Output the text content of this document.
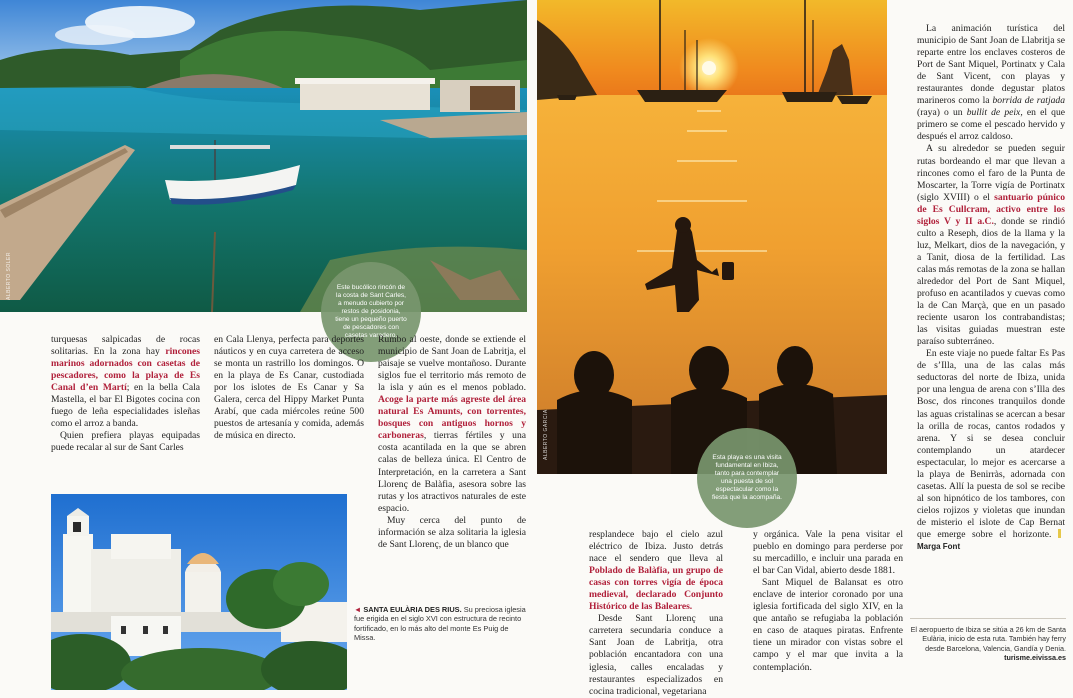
ALBERTO SOLER	Este bucólico rincón de la costa de Sant Carles, a menudo cubierto por restos de posidonia, tiene un pequeño puerto de pescadores con casetas varadero.

turquesas salpicadas de rocas solitarias. En la zona hay rincones marinos adornados con casetas de pescadores, como la playa de Es Canal d’en Martí; en la bella Cala Mastella, el bar El Bigotes cocina con fuego de leña especialidades isleñas como el arroz a banda.

Quien prefiera playas equipadas puede recalar al sur de Sant Carles

en Cala Llenya, perfecta para deportes náuticos y en cuya carretera de acceso se monta un rastrillo los domingos. O en la playa de Es Canar, custodiada por los islotes de Es Canar y Sa Galera, cerca del Hippy Market Punta Arabí, que cada miércoles reúne 500 puestos de artesanía y comida, además de música en directo.

Rumbo al oeste, donde se extiende el municipio de Sant Joan de Labritja, el paisaje se vuelve montañoso. Durante siglos fue el territorio más remoto de la isla y aún es el menos poblado. Acoge la parte más agreste del área natural Es Amunts, con torrentes, bosques con antiguos hornos y carboneras, tierras fértiles y una costa acantilada en la que se abren calas de belleza única. El Centro de Interpretación, en la carretera a Sant Llorenç de Balàfia, asesora sobre las rutas y los atractivos naturales de este espacio.

Muy cerca del punto de información se alza solitaria la iglesia de Sant Llorenç, de un blanco que

◄ SANTA EULÀRIA DES RIUS. Su preciosa iglesia fue erigida en el siglo XVI con estructura de recinto fortificado, en lo más alto del monte Es Puig de Missa.
ALBERTO GARCIA	Esta playa es una visita fundamental en Ibiza, tanto para contemplar una puesta de sol espectacular como la fiesta que la acompaña.

resplandece bajo el cielo azul eléctrico de Ibiza. Justo detrás nace el sendero que lleva al Poblado de Balàfia, un grupo de casas con torres vigía de época medieval, declarado Conjunto Histórico de las Baleares.

Desde Sant Llorenç una carretera secundaria conduce a Sant Joan de Labritja, otra población encantadora con una iglesia, calles encaladas y restaurantes especializados en cocina tradicional, vegetariana

y orgánica. Vale la pena visitar el pueblo en domingo para perderse por su mercadillo, e incluir una parada en el bar Can Vidal, abierto desde 1881.

Sant Miquel de Balansat es otro enclave de interior coronado por una iglesia fortificada del siglo XIV, en la que antaño se refugiaba la población en caso de ataques piratas. Enfrente tiene un mirador con vistas sobre el campo y el mar que invita a la contemplación.

La animación turística del municipio de Sant Joan de Llabritja se reparte entre los enclaves costeros de Port de Sant Miquel, Portinatx y Cala de Sant Vicent, con playas y restaurantes donde degustar platos marineros como la borrida de ratjada (raya) o un bullit de peix, en el que primero se come el pescado hervido y después el arroz caldoso.

A su alrededor se pueden seguir rutas bordeando el mar que llevan a rincones como el faro de la Punta de Moscarter, la Torre vigía de Portinatx (siglo XVIII) o el santuario púnico de Es Cullcram, activo entre los siglos V y II a.C., donde se rindió culto a Reseph, dios de la llama y la luz, Melkart, dios de la navegación, y a Tanit, diosa de la fertilidad. Las calas más remotas de la zona se hallan alrededor del Port de Sant Miquel, profuso en acantilados y cuevas como la de Can Marçà, que en un pasado reciente usaron los contrabandistas; las visitas guiadas muestran este paraíso subterráneo.

En este viaje no puede faltar Es Pas de s’Illa, una de las calas más seductoras del norte de Ibiza, unida por una lengua de arena con s’Illa des Bosc, dos rincones tranquilos donde las aguas cristalinas se acercan a besar la orilla de rocas, cantos rodados y arena. Y si se desea concluir contemplando un atardecer espectacular, lo mejor es acercarse a la playa de Benirràs, adornada con casetas. Allí la puesta de sol se recibe al son hipnótico de los tambores, con cielos rojizos y violetas que inundan de misterio el islote de Cap Bernat que emerge sobre el horizonte. Marga Font

El aeropuerto de Ibiza se sitúa a 26 km de Santa Eulària, inicio de esta ruta. También hay ferry desde Barcelona, Valencia, Gandía y Denia. turisme.eivissa.es
